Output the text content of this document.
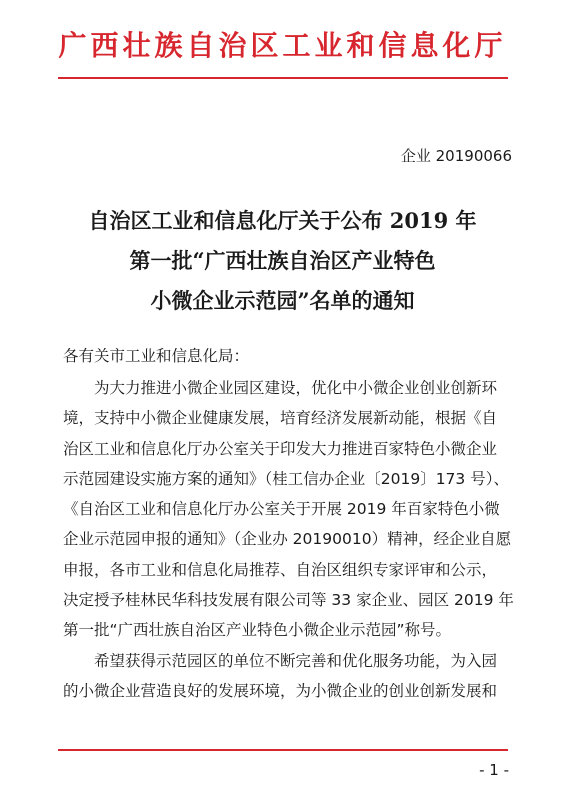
广西壮族自治区工业和信息化厅
企业 20190066
自治区工业和信息化厅关于公布 2019 年
第一批“广西壮族自治区产业特色
小微企业示范园”名单的通知
各有关市工业和信息化局：
为大力推进小微企业园区建设，优化中小微企业创业创新环
境，支持中小微企业健康发展，培育经济发展新动能，根据《自
治区工业和信息化厅办公室关于印发大力推进百家特色小微企业
示范园建设实施方案的通知》（桂工信办企业〔2019〕173 号）、
《自治区工业和信息化厅办公室关于开展 2019 年百家特色小微
企业示范园申报的通知》（企业办 20190010）精神，经企业自愿
申报，各市工业和信息化局推荐、自治区组织专家评审和公示，
决定授予桂林民华科技发展有限公司等 33 家企业、园区 2019 年
第一批“广西壮族自治区产业特色小微企业示范园”称号。
希望获得示范园区的单位不断完善和优化服务功能，为入园
的小微企业营造良好的发展环境，为小微企业的创业创新发展和
- 1 -
